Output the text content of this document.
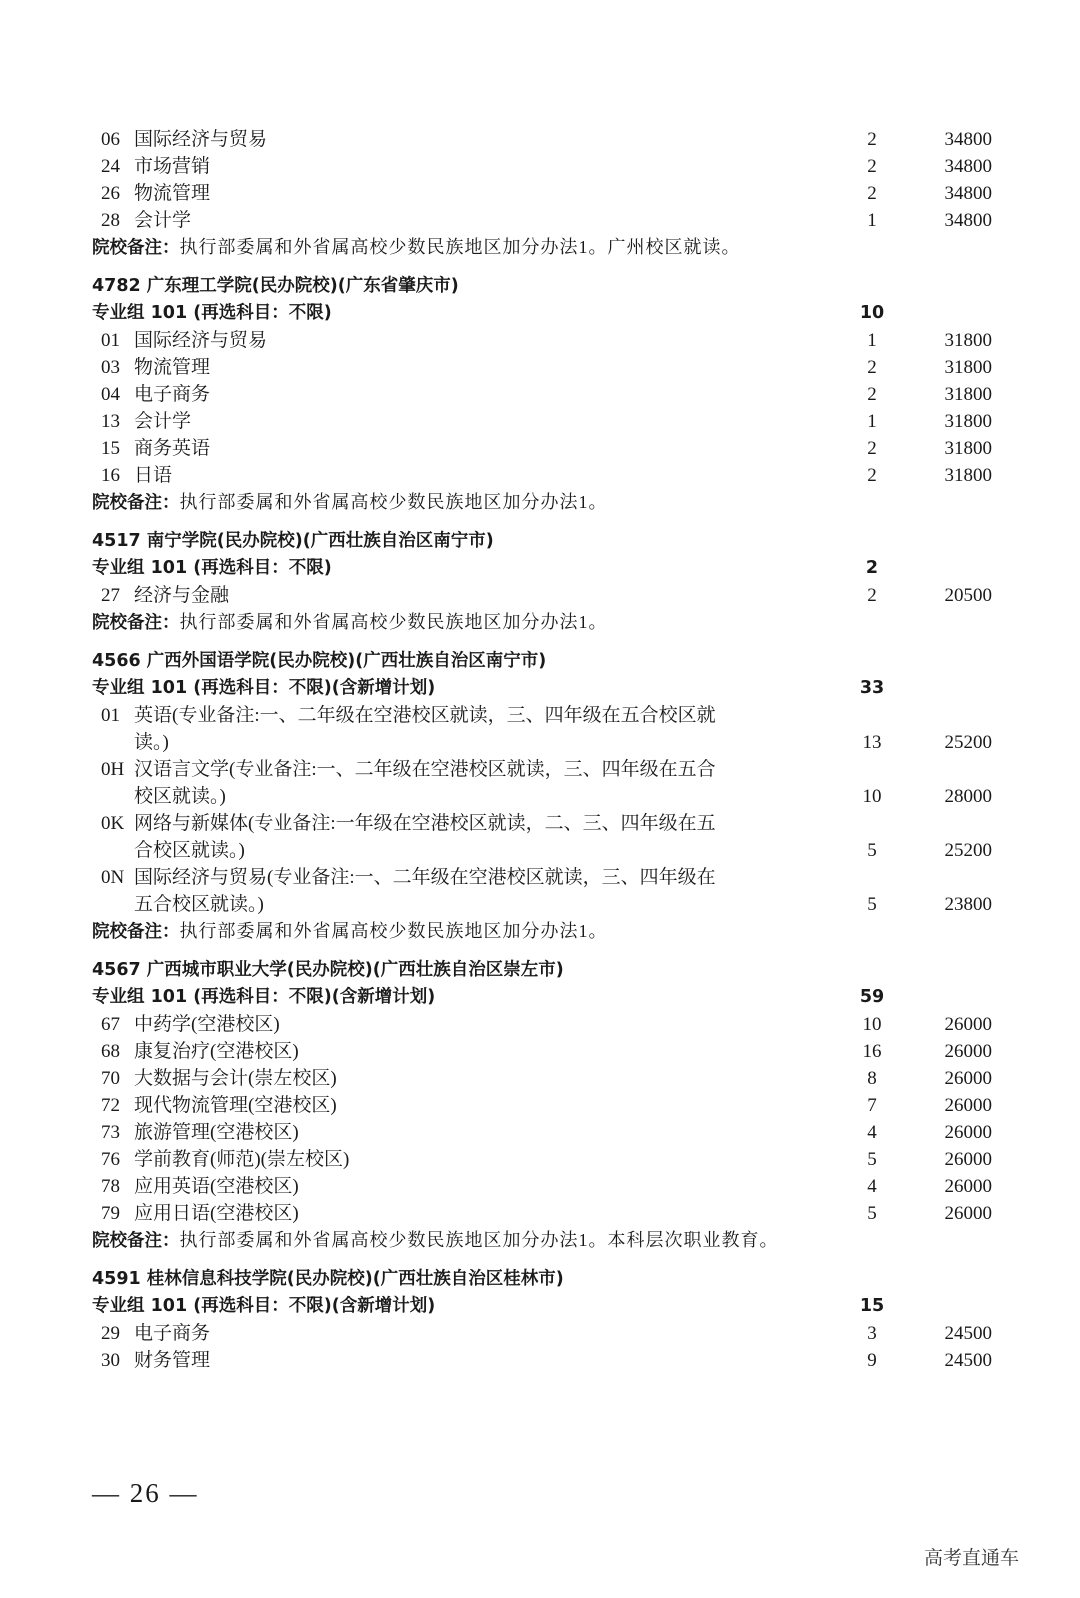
06 国际经济与贸易	2	34800
24 市场营销	2	34800
26 物流管理	2	34800
28 会计学	1	34800
院校备注：执行部委属和外省属高校少数民族地区加分办法1。广州校区就读。
4782 广东理工学院(民办院校)(广东省肇庆市)
专业组 101 (再选科目：不限)	10
01 国际经济与贸易	1	31800
03 物流管理	2	31800
04 电子商务	2	31800
13 会计学	1	31800
15 商务英语	2	31800
16 日语	2	31800
院校备注：执行部委属和外省属高校少数民族地区加分办法1。
4517 南宁学院(民办院校)(广西壮族自治区南宁市)
专业组 101 (再选科目：不限)	2
27 经济与金融	2	20500
院校备注：执行部委属和外省属高校少数民族地区加分办法1。
4566 广西外国语学院(民办院校)(广西壮族自治区南宁市)
专业组 101 (再选科目：不限)(含新增计划)	33
01 英语(专业备注:一、二年级在空港校区就读，三、四年级在五合校区就
读。)	13	25200
0H 汉语言文学(专业备注:一、二年级在空港校区就读，三、四年级在五合
校区就读。)	10	28000
0K 网络与新媒体(专业备注:一年级在空港校区就读，二、三、四年级在五
合校区就读。)	5	25200
0N 国际经济与贸易(专业备注:一、二年级在空港校区就读，三、四年级在
五合校区就读。)	5	23800
院校备注：执行部委属和外省属高校少数民族地区加分办法1。
4567 广西城市职业大学(民办院校)(广西壮族自治区崇左市)
专业组 101 (再选科目：不限)(含新增计划)	59
67 中药学(空港校区)	10	26000
68 康复治疗(空港校区)	16	26000
70 大数据与会计(崇左校区)	8	26000
72 现代物流管理(空港校区)	7	26000
73 旅游管理(空港校区)	4	26000
76 学前教育(师范)(崇左校区)	5	26000
78 应用英语(空港校区)	4	26000
79 应用日语(空港校区)	5	26000
院校备注：执行部委属和外省属高校少数民族地区加分办法1。本科层次职业教育。
4591 桂林信息科技学院(民办院校)(广西壮族自治区桂林市)
专业组 101 (再选科目：不限)(含新增计划)	15
29 电子商务	3	24500
30 财务管理	9	24500
— 26 —
高考直通车
